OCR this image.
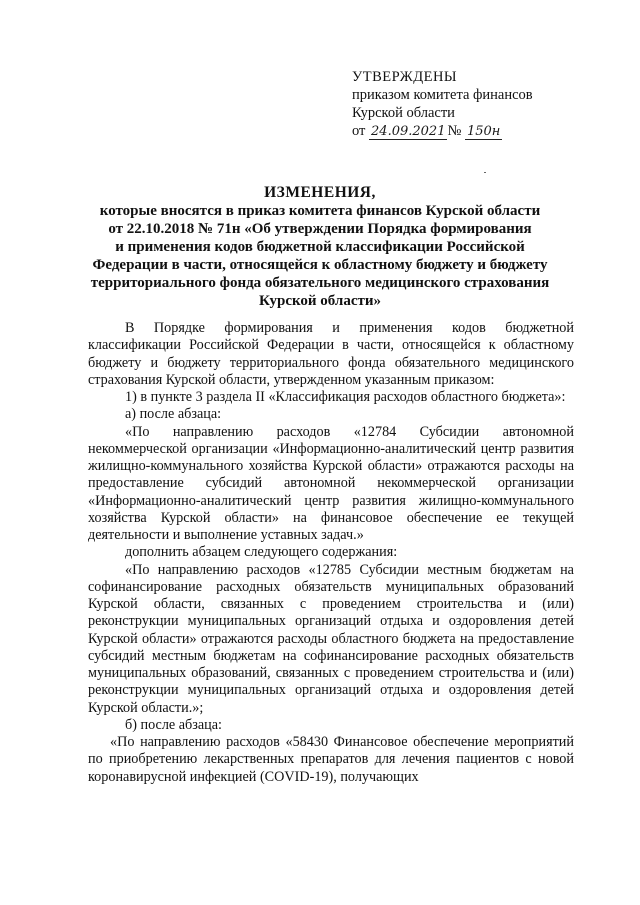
УТВЕРЖДЕНЫ
приказом комитета финансов
Курской области
от 24.09.2021 № 150н
ИЗМЕНЕНИЯ,
которые вносятся в приказ комитета финансов Курской области
от 22.10.2018 № 71н «Об утверждении Порядка формирования
и применения кодов бюджетной классификации Российской
Федерации в части, относящейся к областному бюджету и бюджету
территориального фонда обязательного медицинского страхования
Курской области»

В Порядке формирования и применения кодов бюджетной классификации Российской Федерации в части, относящейся к областному бюджету и бюджету территориального фонда обязательного медицинского страхования Курской области, утвержденном указанным приказом:

1) в пункте 3 раздела II «Классификация расходов областного бюджета»:

а) после абзаца:

«По направлению расходов «12784 Субсидии автономной некоммерческой организации «Информационно-аналитический центр развития жилищно-коммунального хозяйства Курской области» отражаются расходы на предоставление субсидий автономной некоммерческой организации «Информационно-аналитический центр развития жилищно-коммунального хозяйства Курской области» на финансовое обеспечение ее текущей деятельности и выполнение уставных задач.»

дополнить абзацем следующего содержания:

«По направлению расходов «12785 Субсидии местным бюджетам на софинансирование расходных обязательств муниципальных образований Курской области, связанных с проведением строительства и (или) реконструкции муниципальных организаций отдыха и оздоровления детей Курской области» отражаются расходы областного бюджета на предоставление субсидий местным бюджетам на софинансирование расходных обязательств муниципальных образований, связанных с проведением строительства и (или) реконструкции муниципальных организаций отдыха и оздоровления детей Курской области.»;

б) после абзаца:

«По направлению расходов «58430 Финансовое обеспечение мероприятий по приобретению лекарственных препаратов для лечения пациентов с новой коронавирусной инфекцией (COVID-19), получающих
